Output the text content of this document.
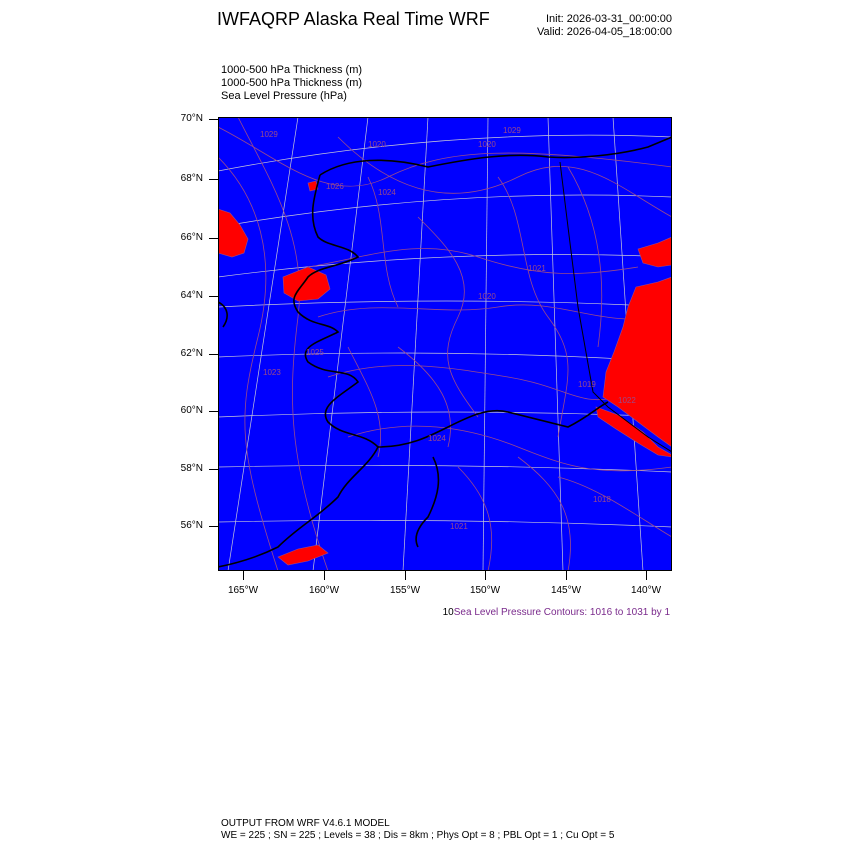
IWFAQRP Alaska Real Time WRF	Init: 2026-03-31_00:00:00
Valid: 2026-04-05_18:00:00
1000-500 hPa Thickness (m)
1000-500 hPa Thickness (m)
Sea Level Pressure (hPa)
70°N
68°N
66°N
64°N
62°N
60°N
58°N
56°N
165°W	160°W	155°W	150°W	145°W	140°W
1029	1029
1026
1024
1025
1023
1024
1021
1018
1021
1020
1019
1022
1020
1020
10Sea Level Pressure Contours: 1016 to 1031 by 1
OUTPUT FROM WRF V4.6.1 MODEL
WE = 225 ; SN = 225 ; Levels = 38 ; Dis = 8km ; Phys Opt = 8 ; PBL Opt = 1 ; Cu Opt = 5
